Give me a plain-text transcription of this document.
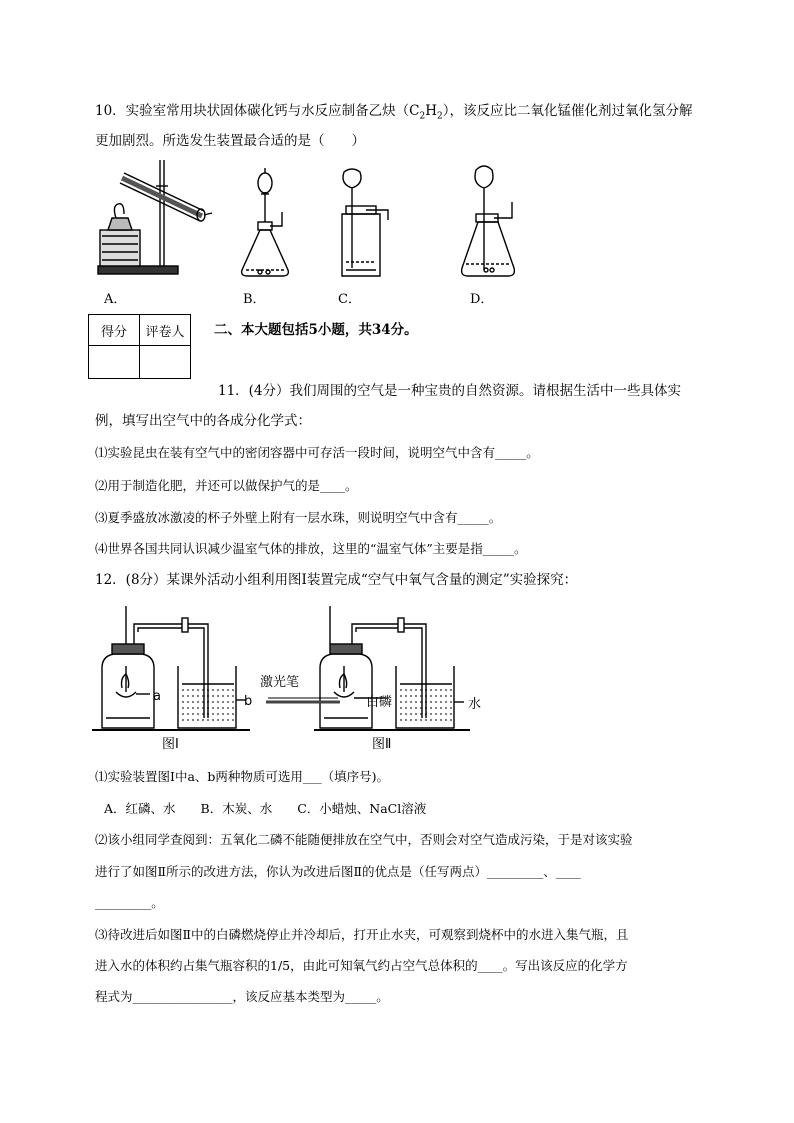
10．实验室常用块状固体碳化钙与水反应制备乙炔$(C_2H_2)$，该反应比二氧化锰催化剂过氧化氢分解
更加剧烈。所选发生装置最合适的是（　　）
A．	B．	C．	D．
得分	评卷人
	二、本大题包括5小题，共34分。
11．(4分）我们周围的空气是一种宝贵的自然资源。请根据生活中一些具体实
例，填写出空气中的各成分化学式：
⑴实验昆虫在装有空气中的密闭容器中可存活一段时间，说明空气中含有_____。
⑵用于制造化肥，并还可以做保护气的是____。
⑶夏季盛放冰激凌的杯子外壁上附有一层水珠，则说明空气中含有_____。
⑷世界各国共同认识减少温室气体的排放，这里的“温室气体”主要是指_____。
12．(8分）某课外活动小组利用图Ⅰ装置完成“空气中氧气含量的测定”实验探究：
a	b
图Ⅰ
激光笔
白磷	水
图Ⅱ
⑴实验装置图Ⅰ中a、b两种物质可选用___（填序号)。
A．红磷、水　　B．木炭、水　　C．小蜡烛、NaCl溶液
⑵该小组同学查阅到：五氧化二磷不能随便排放在空气中，否则会对空气造成污染，于是对该实验
进行了如图Ⅱ所示的改进方法，你认为改进后图Ⅱ的优点是（任写两点）_________、____
_________。
⑶待改进后如图Ⅱ中的白磷燃烧停止并冷却后，打开止水夹，可观察到烧杯中的水进入集气瓶，且
进入水的体积约占集气瓶容积的1/5，由此可知氧气约占空气总体积的____。写出该反应的化学方
程式为________________，该反应基本类型为_____。
